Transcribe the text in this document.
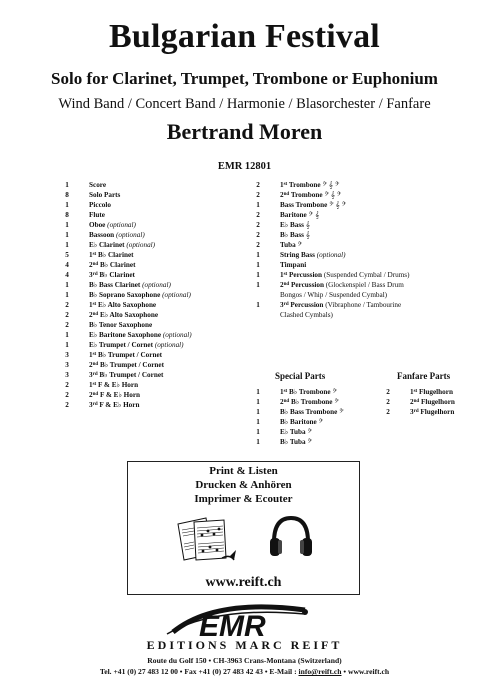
Bulgarian Festival
Solo for Clarinet, Trumpet, Trombone or Euphonium
Wind Band / Concert Band / Harmonie / Blasorchester / Fanfare
Bertrand Moren
EMR 12801
1	Score
8	Solo Parts
1	Piccolo
8	Flute
1	Oboe (optional)
1	Bassoon (optional)
1	E♭ Clarinet (optional)
5	1st B♭ Clarinet
4	2nd B♭ Clarinet
4	3rd B♭ Clarinet
1	B♭ Bass Clarinet (optional)
1	B♭ Soprano Saxophone (optional)
2	1st E♭ Alto Saxophone
2	2nd E♭ Alto Saxophone
2	B♭ Tenor Saxophone
1	E♭ Baritone Saxophone (optional)
1	E♭ Trumpet / Cornet (optional)
3	1st B♭ Trumpet / Cornet
3	2nd B♭ Trumpet / Cornet
3	3rd B♭ Trumpet / Cornet
2	1st F & E♭ Horn
2	2nd F & E♭ Horn
2	3rd F & E♭ Horn
2	1st Trombone 𝄢 𝄞 𝄢
2	2nd Trombone 𝄢 𝄞 𝄢
1	Bass Trombone 𝄢 𝄞 𝄢
2	Baritone 𝄢 𝄞
2	E♭ Bass 𝄞
2	B♭ Bass 𝄞
2	Tuba 𝄢
1	String Bass (optional)
1	Timpani
1	1st Percussion (Suspended Cymbal / Drums)
1	2nd Percussion (Glockenspiel / Bass Drum
Bongos / Whip / Suspended Cymbal)
1	3rd Percussion (Vibraphone / Tambourine
Clashed Cymbals)
Special Parts
1	1st B♭ Trombone 𝄢
1	2nd B♭ Trombone 𝄢
1	B♭ Bass Trombone 𝄢
1	B♭ Baritone 𝄢
1	E♭ Tuba 𝄢
1	B♭ Tuba 𝄢
Fanfare Parts
2	1st Flugelhorn
2	2nd Flugelhorn
2	3rd Flugelhorn
Print & Listen
Drucken & Anhören
Imprimer & Ecouter
www.reift.ch
EMR
EDITIONS MARC REIFT
Route du Golf 150 • CH-3963 Crans-Montana (Switzerland)
Tel. +41 (0) 27 483 12 00 • Fax +41 (0) 27 483 42 43 • E-Mail : info@reift.ch • www.reift.ch
